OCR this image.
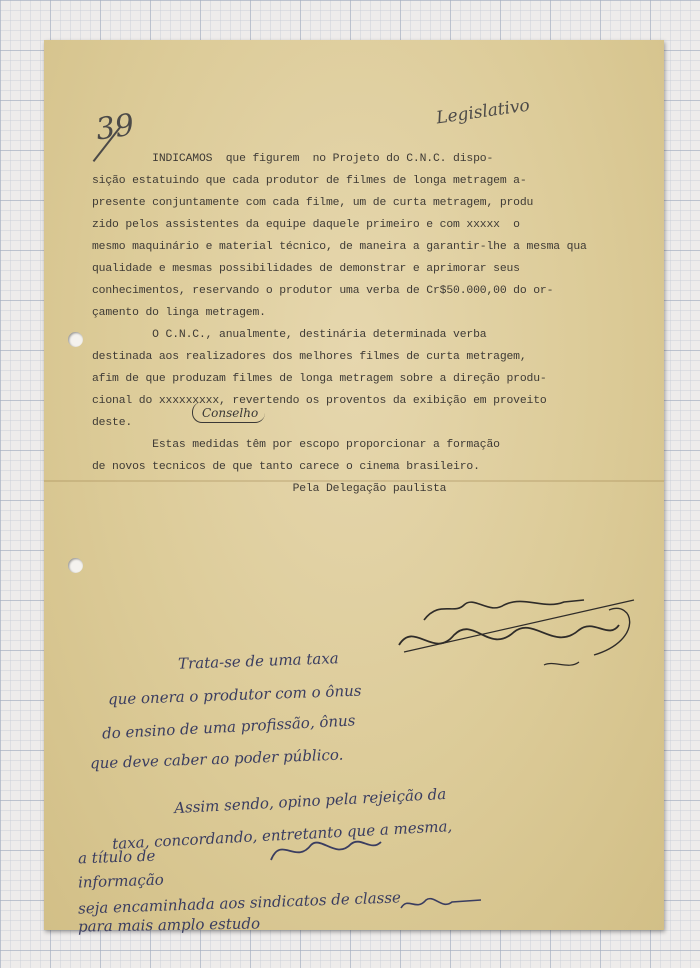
39	Legislativo
INDICAMOS  que figurem  no Projeto do C.N.C. dispo-
sição estatuindo que cada produtor de filmes de longa metragem a-
presente conjuntamente com cada filme, um de curta metragem, produ
zido pelos assistentes da equipe daquele primeiro e com xxxxx  o
mesmo maquinário e material técnico, de maneira a garantir-lhe a mesma qua
qualidade e mesmas possibilidades de demonstrar e aprimorar seus
conhecimentos, reservando o produtor uma verba de Cr$50.000,00 do or-
çamento do linga metragem.
O C.N.C., anualmente, destinária determinada verba
destinada aos realizadores dos melhores filmes de curta metragem,
afim de que produzam filmes de longa metragem sobre a direção produ-
cional do xxxxxxxxx, revertendo os proventos da exibição em proveito
deste.
Estas medidas têm por escopo proporcionar a formação
de novos tecnicos de que tanto carece o cinema brasileiro.
Pela Delegação paulista
Conselho
Trata-se de uma taxa
que onera o produtor com o ônus
do ensino de uma profissão, ônus
que deve caber ao poder público.
Assim sendo, opino pela rejeição da
taxa, concordando, entretanto que a mesma,
a título de
informação
seja encaminhada aos sindicatos de classe
para mais amplo estudo
